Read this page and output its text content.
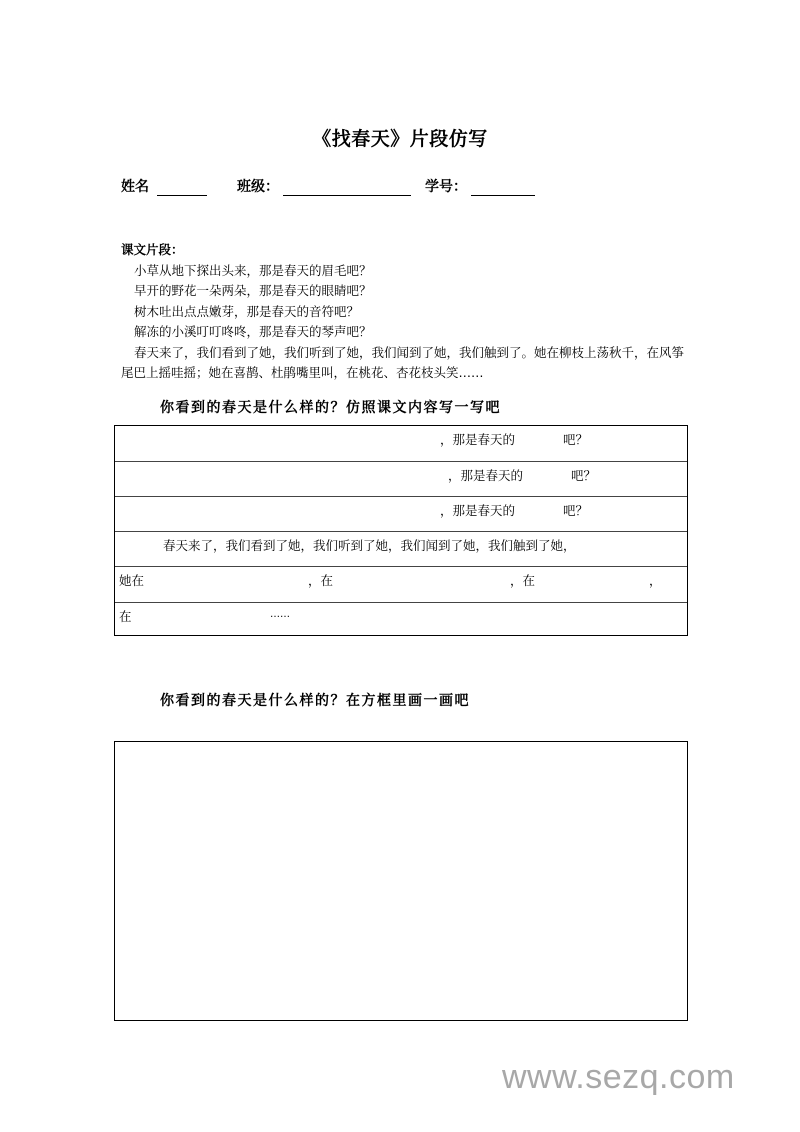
《找春天》片段仿写
姓名	班级：	学号：
课文片段：
小草从地下探出头来，那是春天的眉毛吧？
早开的野花一朵两朵，那是春天的眼睛吧？
树木吐出点点嫩芽，那是春天的音符吧？
解冻的小溪叮叮咚咚，那是春天的琴声吧？
春天来了，我们看到了她，我们听到了她，我们闻到了她，我们触到了。她在柳枝上荡秋千，在风筝尾巴上摇哇摇；她在喜鹊、杜鹃嘴里叫，在桃花、杏花枝头笑……
你看到的春天是什么样的？仿照课文内容写一写吧
，那是春天的	吧？
，那是春天的	吧？
，那是春天的	吧？
春天来了，我们看到了她，我们听到了她，我们闻到了她，我们触到了她，
她在	，在	，在	，
在	……
你看到的春天是什么样的？在方框里画一画吧
www.sezq.com
